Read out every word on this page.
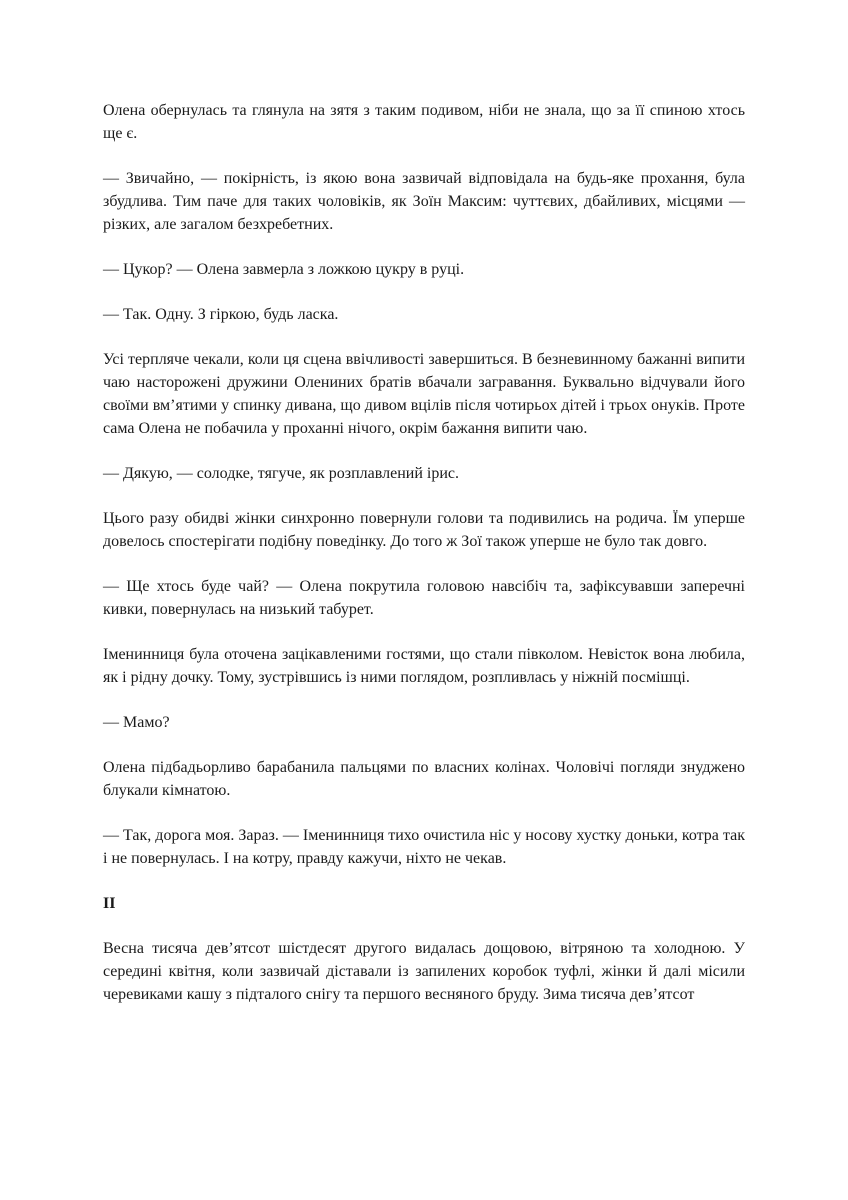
Олена обернулась та глянула на зятя з таким подивом, ніби не знала, що за її спиною хтось ще є.

— Звичайно, — покірність, із якою вона зазвичай відповідала на будь-яке прохання, була збудлива. Тим паче для таких чоловіків, як Зоїн Максим: чуттєвих, дбайливих, місцями — різких, але загалом безхребетних.

— Цукор? — Олена завмерла з ложкою цукру в руці.

— Так. Одну. З гіркою, будь ласка.

Усі терпляче чекали, коли ця сцена ввічливості завершиться. В безневинному бажанні випити чаю насторожені дружини Олениних братів вбачали загравання. Буквально відчували його своїми вм’ятими у спинку дивана, що дивом вцілів після чотирьох дітей і трьох онуків. Проте сама Олена не побачила у проханні нічого, окрім бажання випити чаю.

— Дякую, — солодке, тягуче, як розплавлений ірис.

Цього разу обидві жінки синхронно повернули голови та подивились на родича. Їм уперше довелось спостерігати подібну поведінку. До того ж Зої також уперше не було так довго.

— Ще хтось буде чай? — Олена покрутила головою навсібіч та, зафіксувавши заперечні кивки, повернулась на низький табурет.

Іменинниця була оточена зацікавленими гостями, що стали півколом. Невісток вона любила, як і рідну дочку. Тому, зустрівшись із ними поглядом, розпливлась у ніжній посмішці.

— Мамо?

Олена підбадьорливо барабанила пальцями по власних колінах. Чоловічі погляди знуджено блукали кімнатою.

— Так, дорога моя. Зараз. — Іменинниця тихо очистила ніс у носову хустку доньки, котра так і не повернулась. І на котру, правду кажучи, ніхто не чекав.

II

Весна тисяча дев’ятсот шістдесят другого видалась дощовою, вітряною та холодною. У середині квітня, коли зазвичай діставали із запилених коробок туфлі, жінки й далі місили черевиками кашу з підталого снігу та першого весняного бруду. Зима тисяча дев’ятсот
